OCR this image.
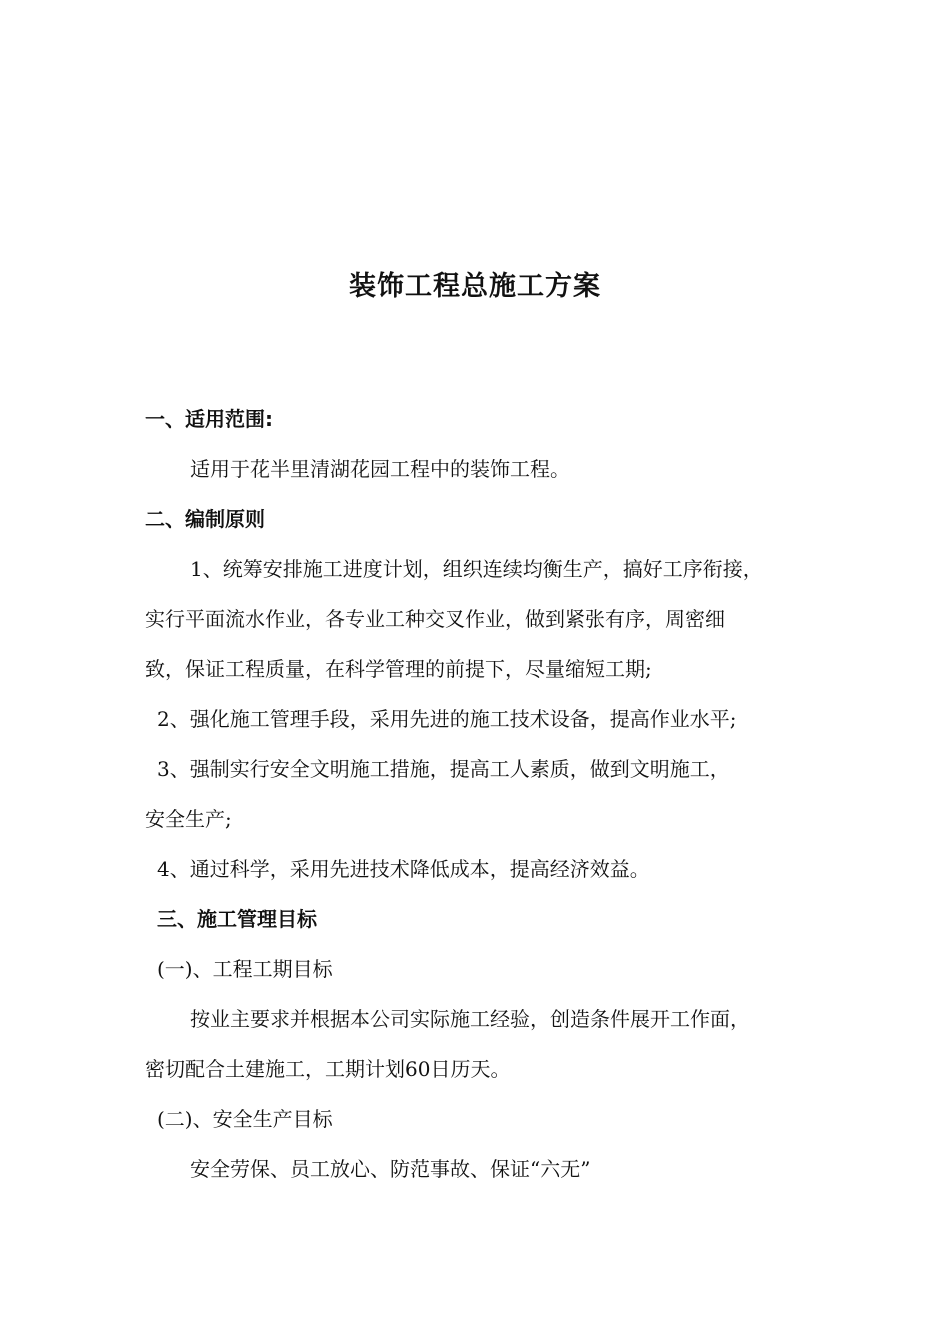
装饰工程总施工方案
一、适用范围:
适用于花半里清湖花园工程中的装饰工程。
二、编制原则
1、统筹安排施工进度计划，组织连续均衡生产，搞好工序衔接，
实行平面流水作业，各专业工种交叉作业，做到紧张有序，周密细
致，保证工程质量，在科学管理的前提下，尽量缩短工期;
2、强化施工管理手段，采用先进的施工技术设备，提高作业水平;
3、强制实行安全文明施工措施，提高工人素质，做到文明施工，
安全生产;
4、通过科学，采用先进技术降低成本，提高经济效益。
三、施工管理目标
(一)、工程工期目标
按业主要求并根据本公司实际施工经验，创造条件展开工作面，
密切配合土建施工，工期计划60日历天。
(二)、安全生产目标
安全劳保、员工放心、防范事故、保证“六无”
